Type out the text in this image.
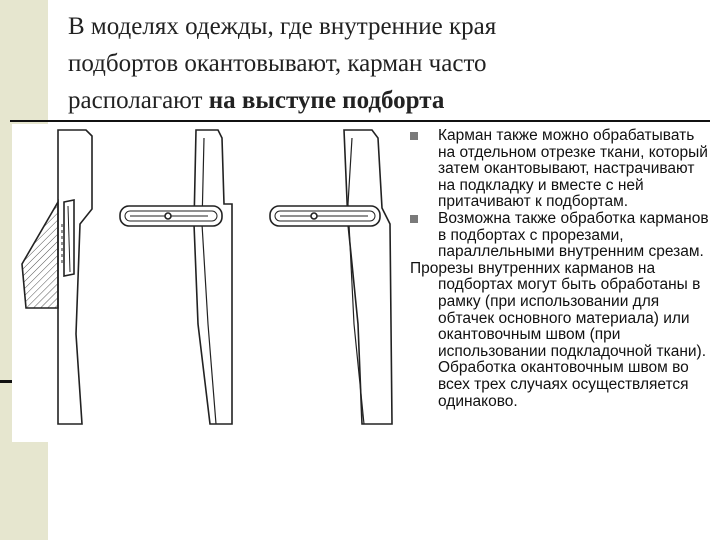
В моделях одежды, где внутренние края
подбортов окантовывают, карман часто
располагают на выступе подборта

Карман также можно обрабатывать на отдельном отрезке ткани, который затем окантовывают, настрачивают на подкладку и вместе с ней притачивают к подбортам.

Возможна также обработка карманов в подбортах с прорезами, параллельными внутренним срезам.

Прорезы внутренних карманов на подбортах могут быть обработаны в рамку (при использовании для обтачек основного материала) или окантовочным швом (при использовании подкладочной ткани). Обработка окантовочным швом во всех трех случаях осуществляется одинаково.
